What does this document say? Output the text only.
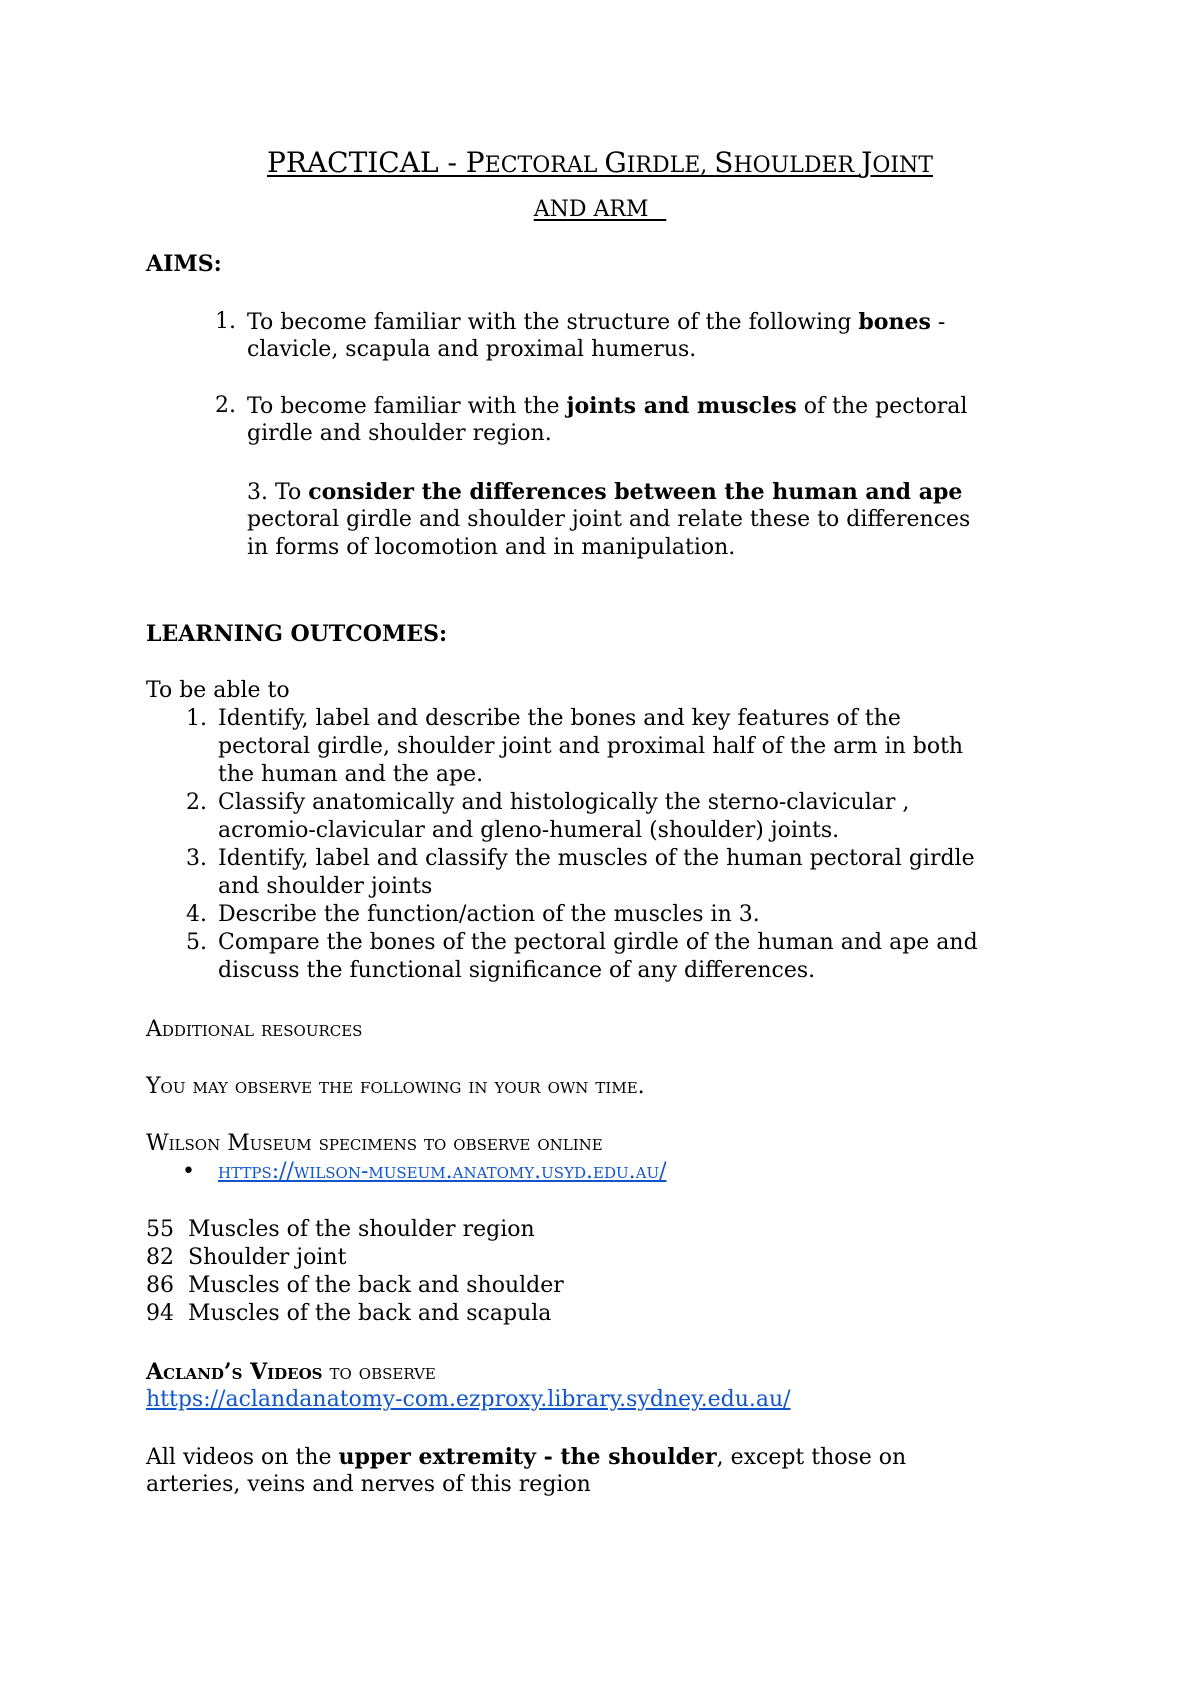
PRACTICAL - PECTORAL GIRDLE, SHOULDER JOINT
AND ARM
AIMS:
1. To become familiar with the structure of the following bones -
clavicle, scapula and proximal humerus.
2. To become familiar with the joints and muscles of the pectoral
girdle and shoulder region.
3. To consider the differences between the human and ape
pectoral girdle and shoulder joint and relate these to differences
in forms of locomotion and in manipulation.
LEARNING OUTCOMES:
To be able to
1. Identify, label and describe the bones and key features of the
pectoral girdle, shoulder joint and proximal half of the arm in both
the human and the ape.
2. Classify anatomically and histologically the sterno-clavicular ,
acromio-clavicular and gleno-humeral (shoulder) joints.
3. Identify, label and classify the muscles of the human pectoral girdle
and shoulder joints
4. Describe the function/action of the muscles in 3.
5. Compare the bones of the pectoral girdle of the human and ape and
discuss the functional significance of any differences.
Additional resources
You may observe the following in your own time.
Wilson Museum specimens to observe online
• https://wilson-museum.anatomy.usyd.edu.au/
55 Muscles of the shoulder region
82 Shoulder joint
86 Muscles of the back and shoulder
94 Muscles of the back and scapula
Acland’s Videos to observe
https://aclandanatomy-com.ezproxy.library.sydney.edu.au/
All videos on the upper extremity - the shoulder, except those on
arteries, veins and nerves of this region
